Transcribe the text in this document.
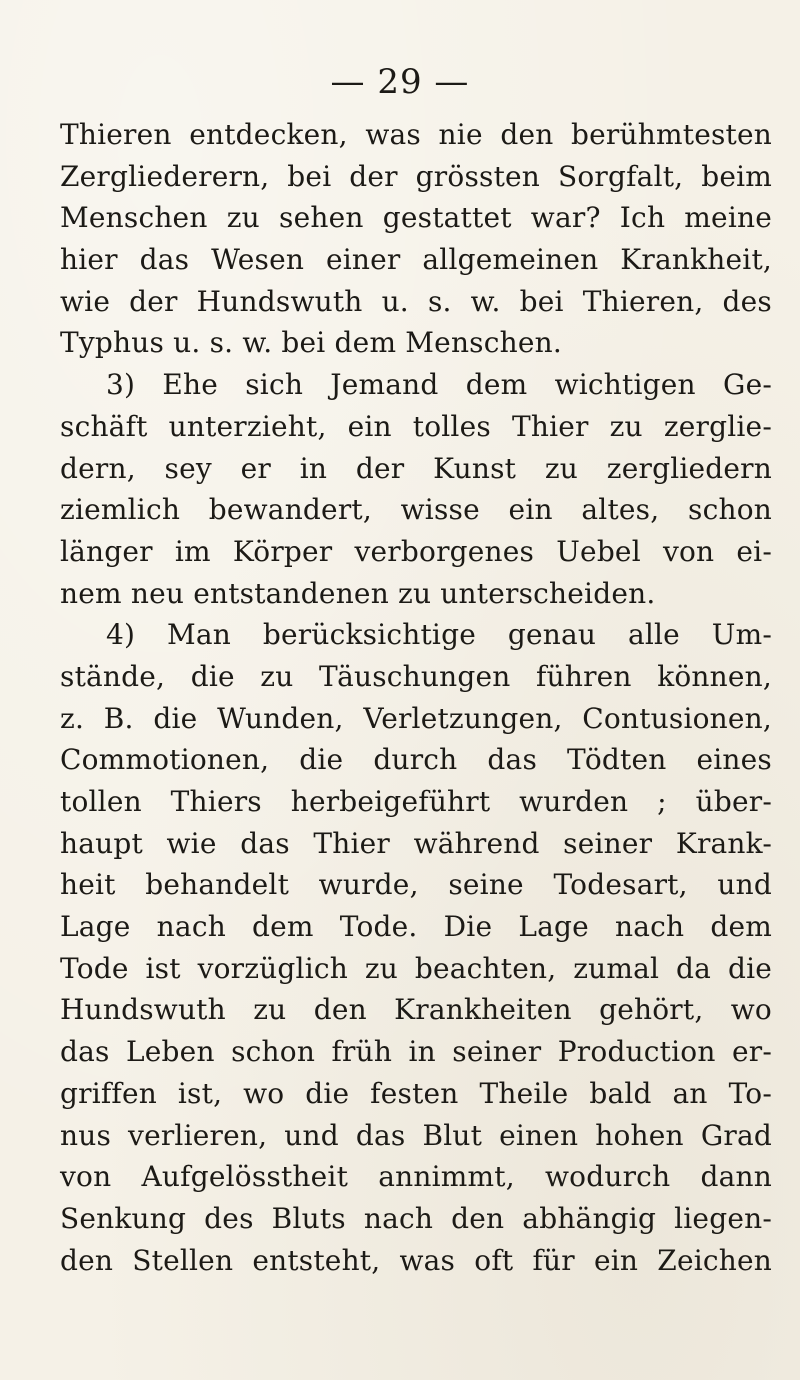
— 29 —
Thieren entdecken, was nie den berühmtesten
Zergliederern, bei der grössten Sorgfalt, beim
Menschen zu sehen gestattet war? Ich meine
hier das Wesen einer allgemeinen Krankheit,
wie der Hundswuth u. s. w. bei Thieren, des
Typhus u. s. w. bei dem Menschen.
3) Ehe sich Jemand dem wichtigen Ge-
schäft unterzieht, ein tolles Thier zu zerglie-
dern, sey er in der Kunst zu zergliedern
ziemlich bewandert, wisse ein altes, schon
länger im Körper verborgenes Uebel von ei-
nem neu entstandenen zu unterscheiden.
4) Man berücksichtige genau alle Um-
stände, die zu Täuschungen führen können,
z. B. die Wunden, Verletzungen, Contusionen,
Commotionen, die durch das Tödten eines
tollen Thiers herbeigeführt wurden ; über-
haupt wie das Thier während seiner Krank-
heit behandelt wurde, seine Todesart, und
Lage nach dem Tode. Die Lage nach dem
Tode ist vorzüglich zu beachten, zumal da die
Hundswuth zu den Krankheiten gehört, wo
das Leben schon früh in seiner Production er-
griffen ist, wo die festen Theile bald an To-
nus verlieren, und das Blut einen hohen Grad
von Aufgelösstheit annimmt, wodurch dann
Senkung des Bluts nach den abhängig liegen-
den Stellen entsteht, was oft für ein Zeichen
